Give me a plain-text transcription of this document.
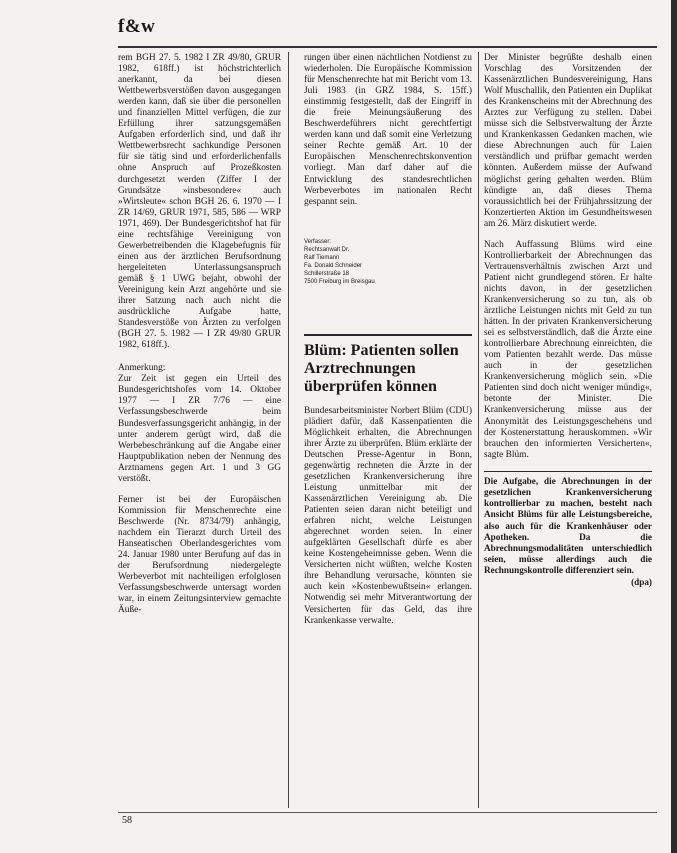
f&w

rem BGH 27. 5. 1982 I ZR 49/80, GRUR 1982, 618ff.) ist höchstrichterlich anerkannt, da bei diesen Wettbewerbsverstößen davon ausgegangen werden kann, daß sie über die personellen und finanziellen Mittel verfügen, die zur Erfüllung ihrer satzungsgemäßen Aufgaben erforderlich sind, und daß ihr Wettbewerbsrecht sachkundige Personen für sie tätig sind und erforderlichenfalls ohne Anspruch auf Prozeßkosten durchgesetzt werden (Ziffer I der Grundsätze »insbesondere« auch »Wirtsleute« schon BGH 26. 6. 1970 — I ZR 14/69, GRUR 1971, 585, 586 — WRP 1971, 469). Der Bundesgerichtshof hat für eine rechtsfähige Vereinigung von Gewerbetreibenden die Klagebefugnis für einen aus der ärztlichen Berufsordnung hergeleiteten Unterlassungsanspruch gemäß § 1 UWG bejaht, obwohl der Vereinigung kein Arzt angehörte und sie ihrer Satzung nach auch nicht die ausdrückliche Aufgabe hatte, Standesverstöße von Ärzten zu verfolgen (BGH 27. 5. 1982 — I ZR 49/80 GRUR 1982, 618ff.).

Anmerkung:

Zur Zeit ist gegen ein Urteil des Bundesgerichtshofes vom 14. Oktober 1977 — I ZR 7/76 — eine Verfassungsbeschwerde beim Bundesverfassungsgericht anhängig, in der unter anderem gerügt wird, daß die Werbebeschränkung auf die Angabe einer Hauptpublikation neben der Nennung des Arztnamens gegen Art. 1 und 3 GG verstößt.

Ferner ist bei der Europäischen Kommission für Menschenrechte eine Beschwerde (Nr. 8734/79) anhängig, nachdem ein Tierarzt durch Urteil des Hanseatischen Oberlandesgerichtes vom 24. Januar 1980 unter Berufung auf das in der Berufsordnung niedergelegte Werbeverbot mit nachteiligen erfolglosen Verfassungsbeschwerde untersagt worden war, in einem Zeitungsinterview gemachte Äuße-

rungen über einen nächtlichen Notdienst zu wiederholen. Die Europäische Kommission für Menschenrechte hat mit Bericht vom 13. Juli 1983 (in GRZ 1984, S. 15ff.) einstimmig festgestellt, daß der Eingriff in die freie Meinungsäußerung des Beschwerdeführers nicht gerechtfertigt werden kann und daß somit eine Verletzung seiner Rechte gemäß Art. 10 der Europäischen Menschenrechtskonvention vorliegt. Man darf daher auf die Entwicklung des standesrechtlichen Werbeverbotes im nationalen Recht gespannt sein.

Verfasser:
Rechtsanwalt Dr.
Ralf Tiemann
Fa. Donald Schneider
Schillerstraße 18
7500 Freiburg im Breisgau
Blüm: Patienten sollen Arztrechnungen überprüfen können

Bundesarbeitsminister Norbert Blüm (CDU) plädiert dafür, daß Kassenpatienten die Möglichkeit erhalten, die Abrechnungen ihrer Ärzte zu überprüfen. Blüm erklärte der Deutschen Presse-Agentur in Bonn, gegenwärtig rechneten die Ärzte in der gesetzlichen Krankenversicherung ihre Leistung unmittelbar mit der Kassenärztlichen Vereinigung ab. Die Patienten seien daran nicht beteiligt und erfahren nicht, welche Leistungen abgerechnet worden seien. In einer aufgeklärten Gesellschaft dürfe es aber keine Kostengeheimnisse geben. Wenn die Versicherten nicht wüßten, welche Kosten ihre Behandlung verursache, könnten sie auch kein »Kostenbewußtsein« erlangen. Notwendig sei mehr Mitverantwortung der Versicherten für das Geld, das ihre Krankenkasse verwalte.

Der Minister begrüßte deshalb einen Vorschlag des Vorsitzenden der Kassenärztlichen Bundesvereinigung, Hans Wolf Muschallik, den Patienten ein Duplikat des Krankenscheins mit der Abrechnung des Arztes zur Verfügung zu stellen. Dabei müsse sich die Selbstverwaltung der Ärzte und Krankenkassen Gedanken machen, wie diese Abrechnungen auch für Laien verständlich und prüfbar gemacht werden könnten. Außerdem müsse der Aufwand möglichst gering gehalten werden. Blüm kündigte an, daß dieses Thema voraussichtlich bei der Frühjahrssitzung der Konzertierten Aktion im Gesundheitswesen am 26. März diskutiert werde.

Nach Auffassung Blüms wird eine Kontrollierbarkeit der Abrechnungen das Vertrauensverhältnis zwischen Arzt und Patient nicht grundlegend stören. Er halte nichts davon, in der gesetzlichen Krankenversicherung so zu tun, als ob ärztliche Leistungen nichts mit Geld zu tun hätten. In der privaten Krankenversicherung sei es selbstverständlich, daß die Ärzte eine kontrollierbare Abrechnung einreichten, die vom Patienten bezahlt werde. Das müsse auch in der gesetzlichen Krankenversicherung möglich sein. »Die Patienten sind doch nicht weniger mündig«, betonte der Minister. Die Krankenversicherung müsse aus der Anonymität des Leistungsgeschehens und der Kostenerstattung herauskommen. »Wir brauchen den informierten Versicherten«, sagte Blüm.

Die Aufgabe, die Abrechnungen in der gesetzlichen Krankenversicherung kontrollierbar zu machen, besteht nach Ansicht Blüms für alle Leistungsbereiche, also auch für die Krankenhäuser oder Apotheken. Da die Abrechnungsmodalitäten unterschiedlich seien, müsse allerdings auch die Rechnungskontrolle differenziert sein.

(dpa)

58
